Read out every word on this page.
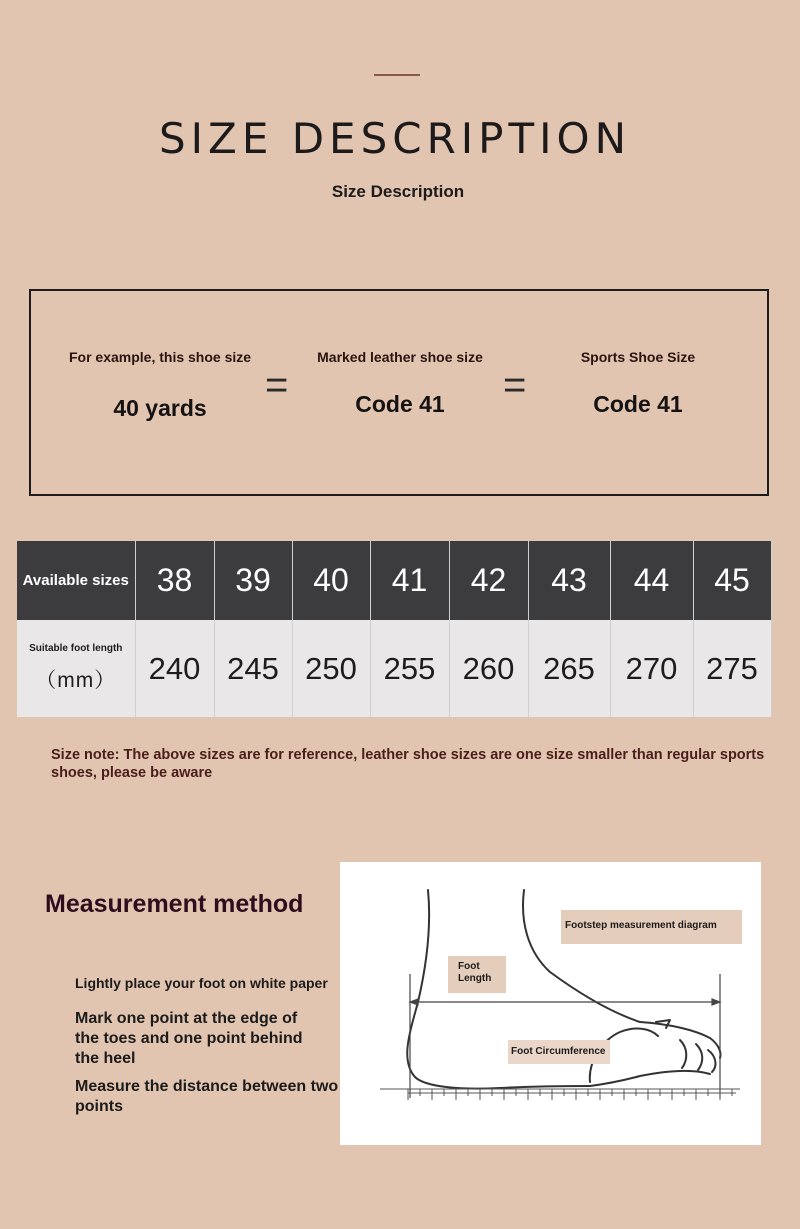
SIZE DESCRIPTION
Size Description
For example, this shoe size
40 yards
=
Marked leather shoe size
Code 41	=
Sports Shoe Size
Code 41
Available sizes	38	39	40	41	42	43	44	45
Suitable foot length
（mm）	240	245	250	255	260	265	270	275
Size note: The above sizes are for reference, leather shoe sizes are one size smaller than regular sports shoes, please be aware
Measurement method
Lightly place your foot on white paper
Mark one point at the edge of the toes and one point behind the heel
Measure the distance between two points
Footstep measurement diagram
Foot Length
Foot Circumference
